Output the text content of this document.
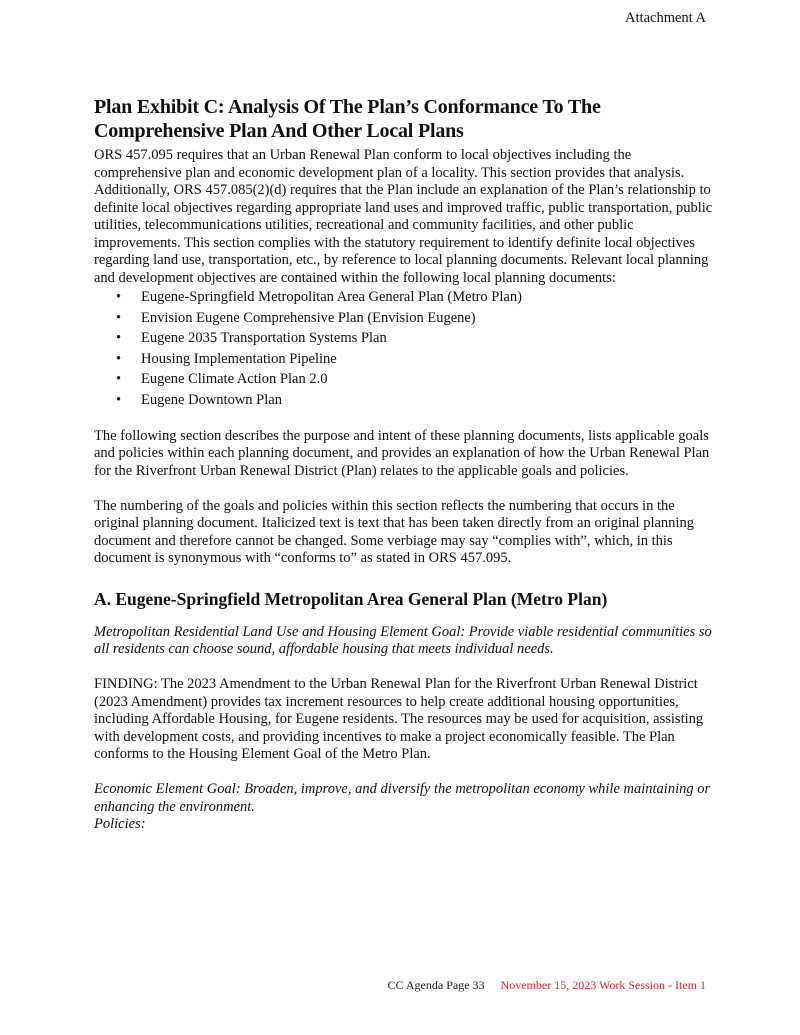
Attachment A
Plan Exhibit C: Analysis Of The Plan’s Conformance To The Comprehensive Plan And Other Local Plans

ORS 457.095 requires that an Urban Renewal Plan conform to local objectives including the comprehensive plan and economic development plan of a locality. This section provides that analysis. Additionally, ORS 457.085(2)(d) requires that the Plan include an explanation of the Plan’s relationship to definite local objectives regarding appropriate land uses and improved traffic, public transportation, public utilities, telecommunications utilities, recreational and community facilities, and other public improvements. This section complies with the statutory requirement to identify definite local objectives regarding land use, transportation, etc., by reference to local planning documents. Relevant local planning and development objectives are contained within the following local planning documents:

• Eugene-Springfield Metropolitan Area General Plan (Metro Plan)
• Envision Eugene Comprehensive Plan (Envision Eugene)
• Eugene 2035 Transportation Systems Plan
• Housing Implementation Pipeline
• Eugene Climate Action Plan 2.0
• Eugene Downtown Plan

The following section describes the purpose and intent of these planning documents, lists applicable goals and policies within each planning document, and provides an explanation of how the Urban Renewal Plan for the Riverfront Urban Renewal District (Plan) relates to the applicable goals and policies.

The numbering of the goals and policies within this section reflects the numbering that occurs in the original planning document. Italicized text is text that has been taken directly from an original planning document and therefore cannot be changed. Some verbiage may say “complies with”, which, in this document is synonymous with “conforms to” as stated in ORS 457.095.

A. Eugene-Springfield Metropolitan Area General Plan (Metro Plan)

Metropolitan Residential Land Use and Housing Element Goal: Provide viable residential communities so all residents can choose sound, affordable housing that meets individual needs.

FINDING: The 2023 Amendment to the Urban Renewal Plan for the Riverfront Urban Renewal District (2023 Amendment) provides tax increment resources to help create additional housing opportunities, including Affordable Housing, for Eugene residents. The resources may be used for acquisition, assisting with development costs, and providing incentives to make a project economically feasible. The Plan conforms to the Housing Element Goal of the Metro Plan.

Economic Element Goal: Broaden, improve, and diversify the metropolitan economy while maintaining or enhancing the environment.

Policies:

CC Agenda Page 33 November 15, 2023 Work Session - Item 1
